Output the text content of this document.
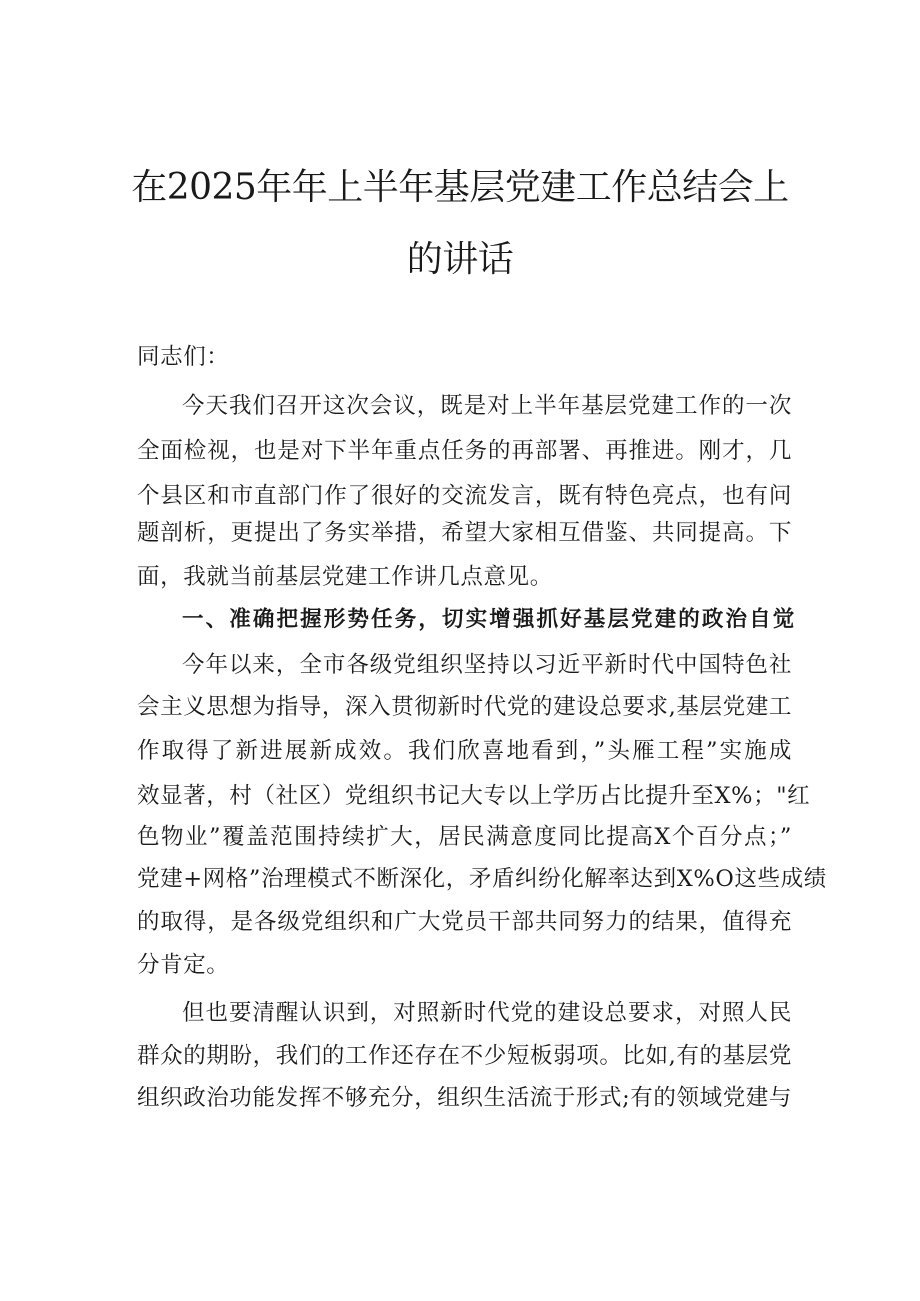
在2025年年上半年基层党建工作总结会上
的讲话
同志们：
今天我们召开这次会议，既是对上半年基层党建工作的一次
全面检视，也是对下半年重点任务的再部署、再推进。刚才，几
个县区和市直部门作了很好的交流发言，既有特色亮点，也有问
题剖析，更提出了务实举措，希望大家相互借鉴、共同提高。下
面，我就当前基层党建工作讲几点意见。
一、准确把握形势任务，切实增强抓好基层党建的政治自觉
今年以来，全市各级党组织坚持以习近平新时代中国特色社
会主义思想为指导，深入贯彻新时代党的建设总要求,基层党建工
作取得了新进展新成效。我们欣喜地看到，”头雁工程”实施成
效显著，村（社区）党组织书记大专以上学历占比提升至X%；"红
色物业”覆盖范围持续扩大，居民满意度同比提高X个百分点；”
党建+网格”治理模式不断深化，矛盾纠纷化解率达到X%O这些成绩
的取得，是各级党组织和广大党员干部共同努力的结果，值得充
分肯定。
但也要清醒认识到，对照新时代党的建设总要求，对照人民
群众的期盼，我们的工作还存在不少短板弱项。比如,有的基层党
组织政治功能发挥不够充分，组织生活流于形式;有的领域党建与
